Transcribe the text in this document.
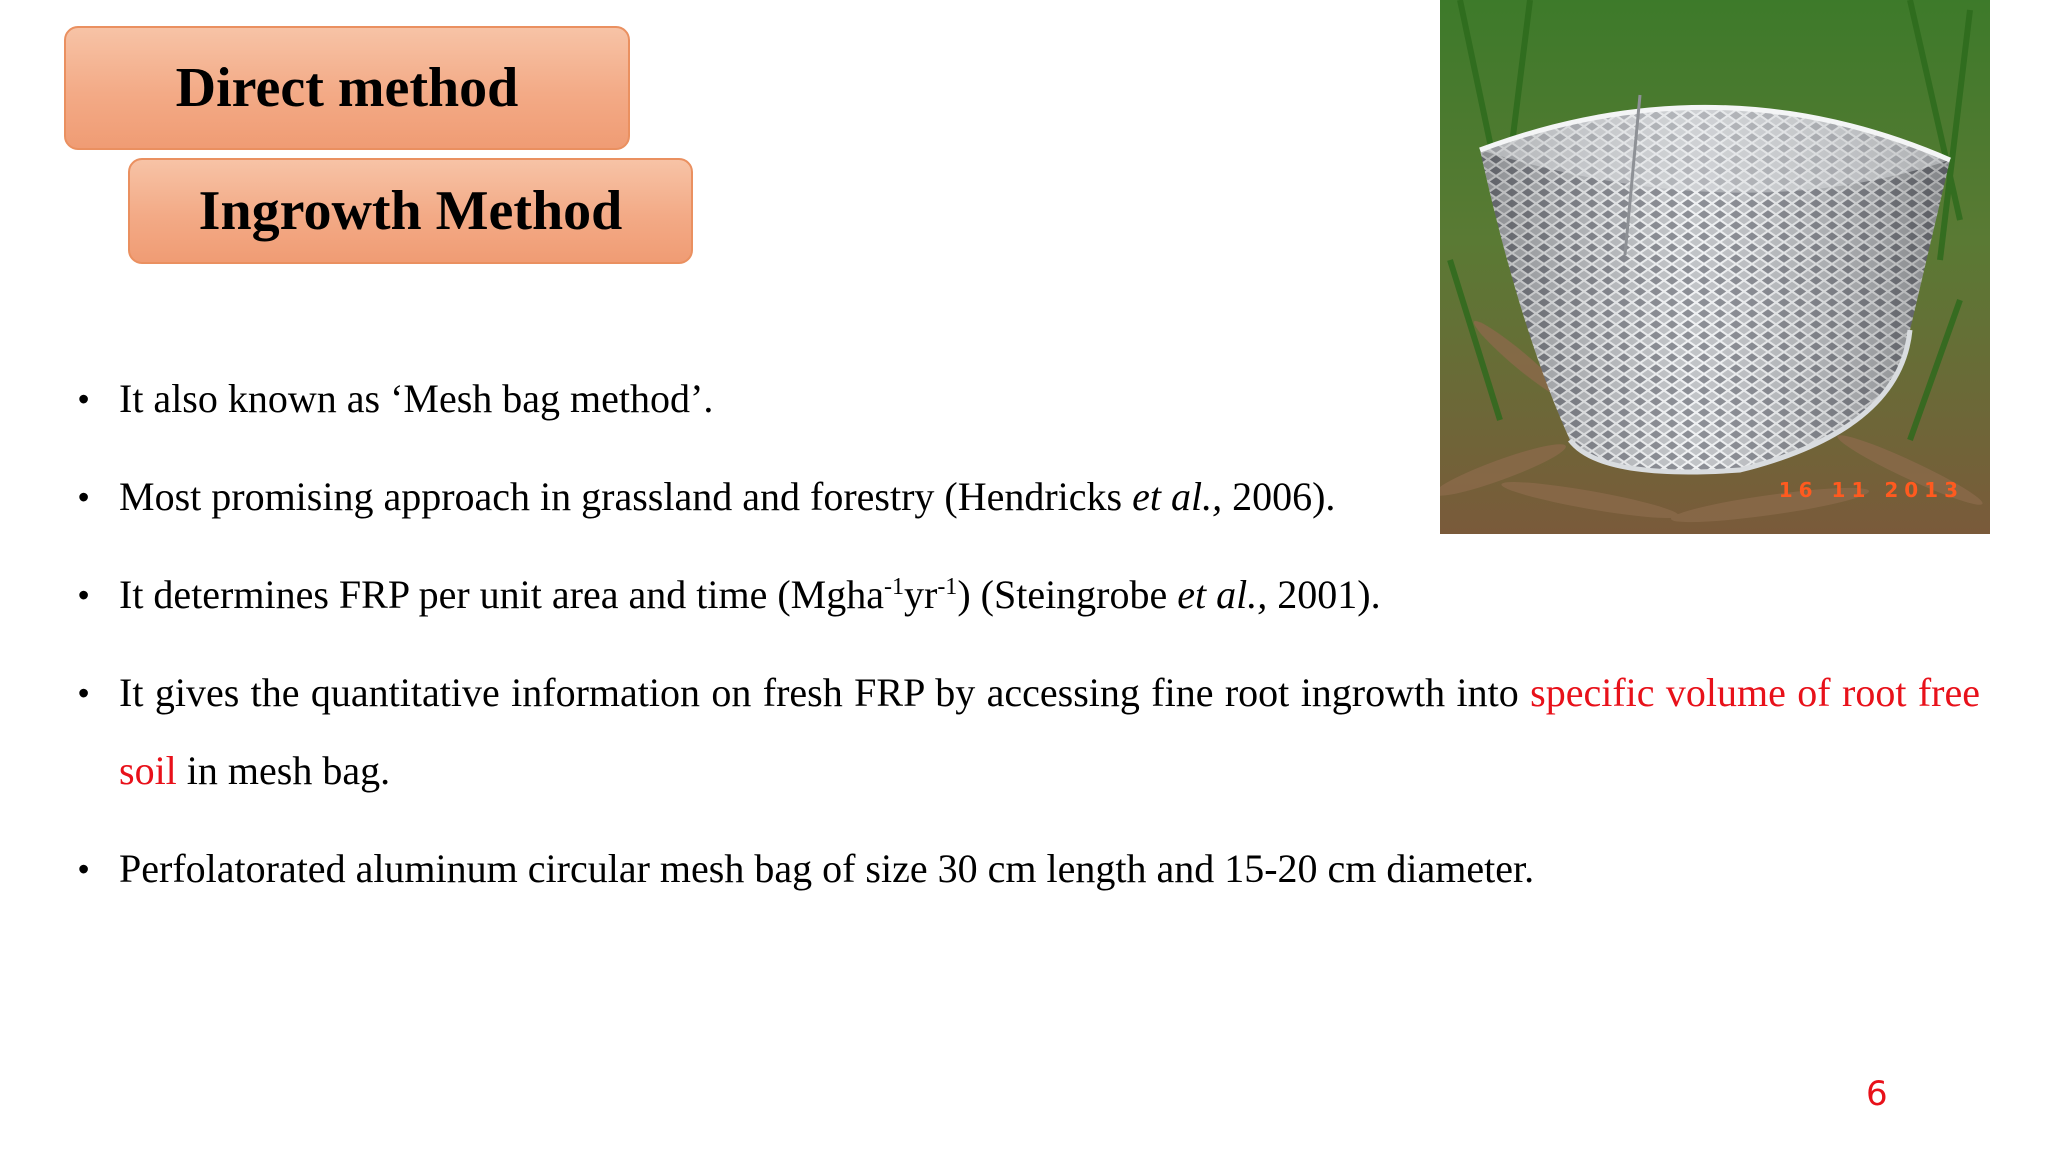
Direct method
Ingrowth Method
16 11 2013
• It also known as ‘Mesh bag method’.
• Most promising approach in grassland and forestry (Hendricks et al., 2006).
• It determines FRP per unit area and time $(Mgha^{-1}yr^{-1})$ (Steingrobe et al., 2001).
• It gives the quantitative information on fresh FRP by accessing fine root ingrowth into specific volume of root free soil in mesh bag.
• Perfolatorated aluminum circular mesh bag of size 30 cm length and 15-20 cm diameter.
6
